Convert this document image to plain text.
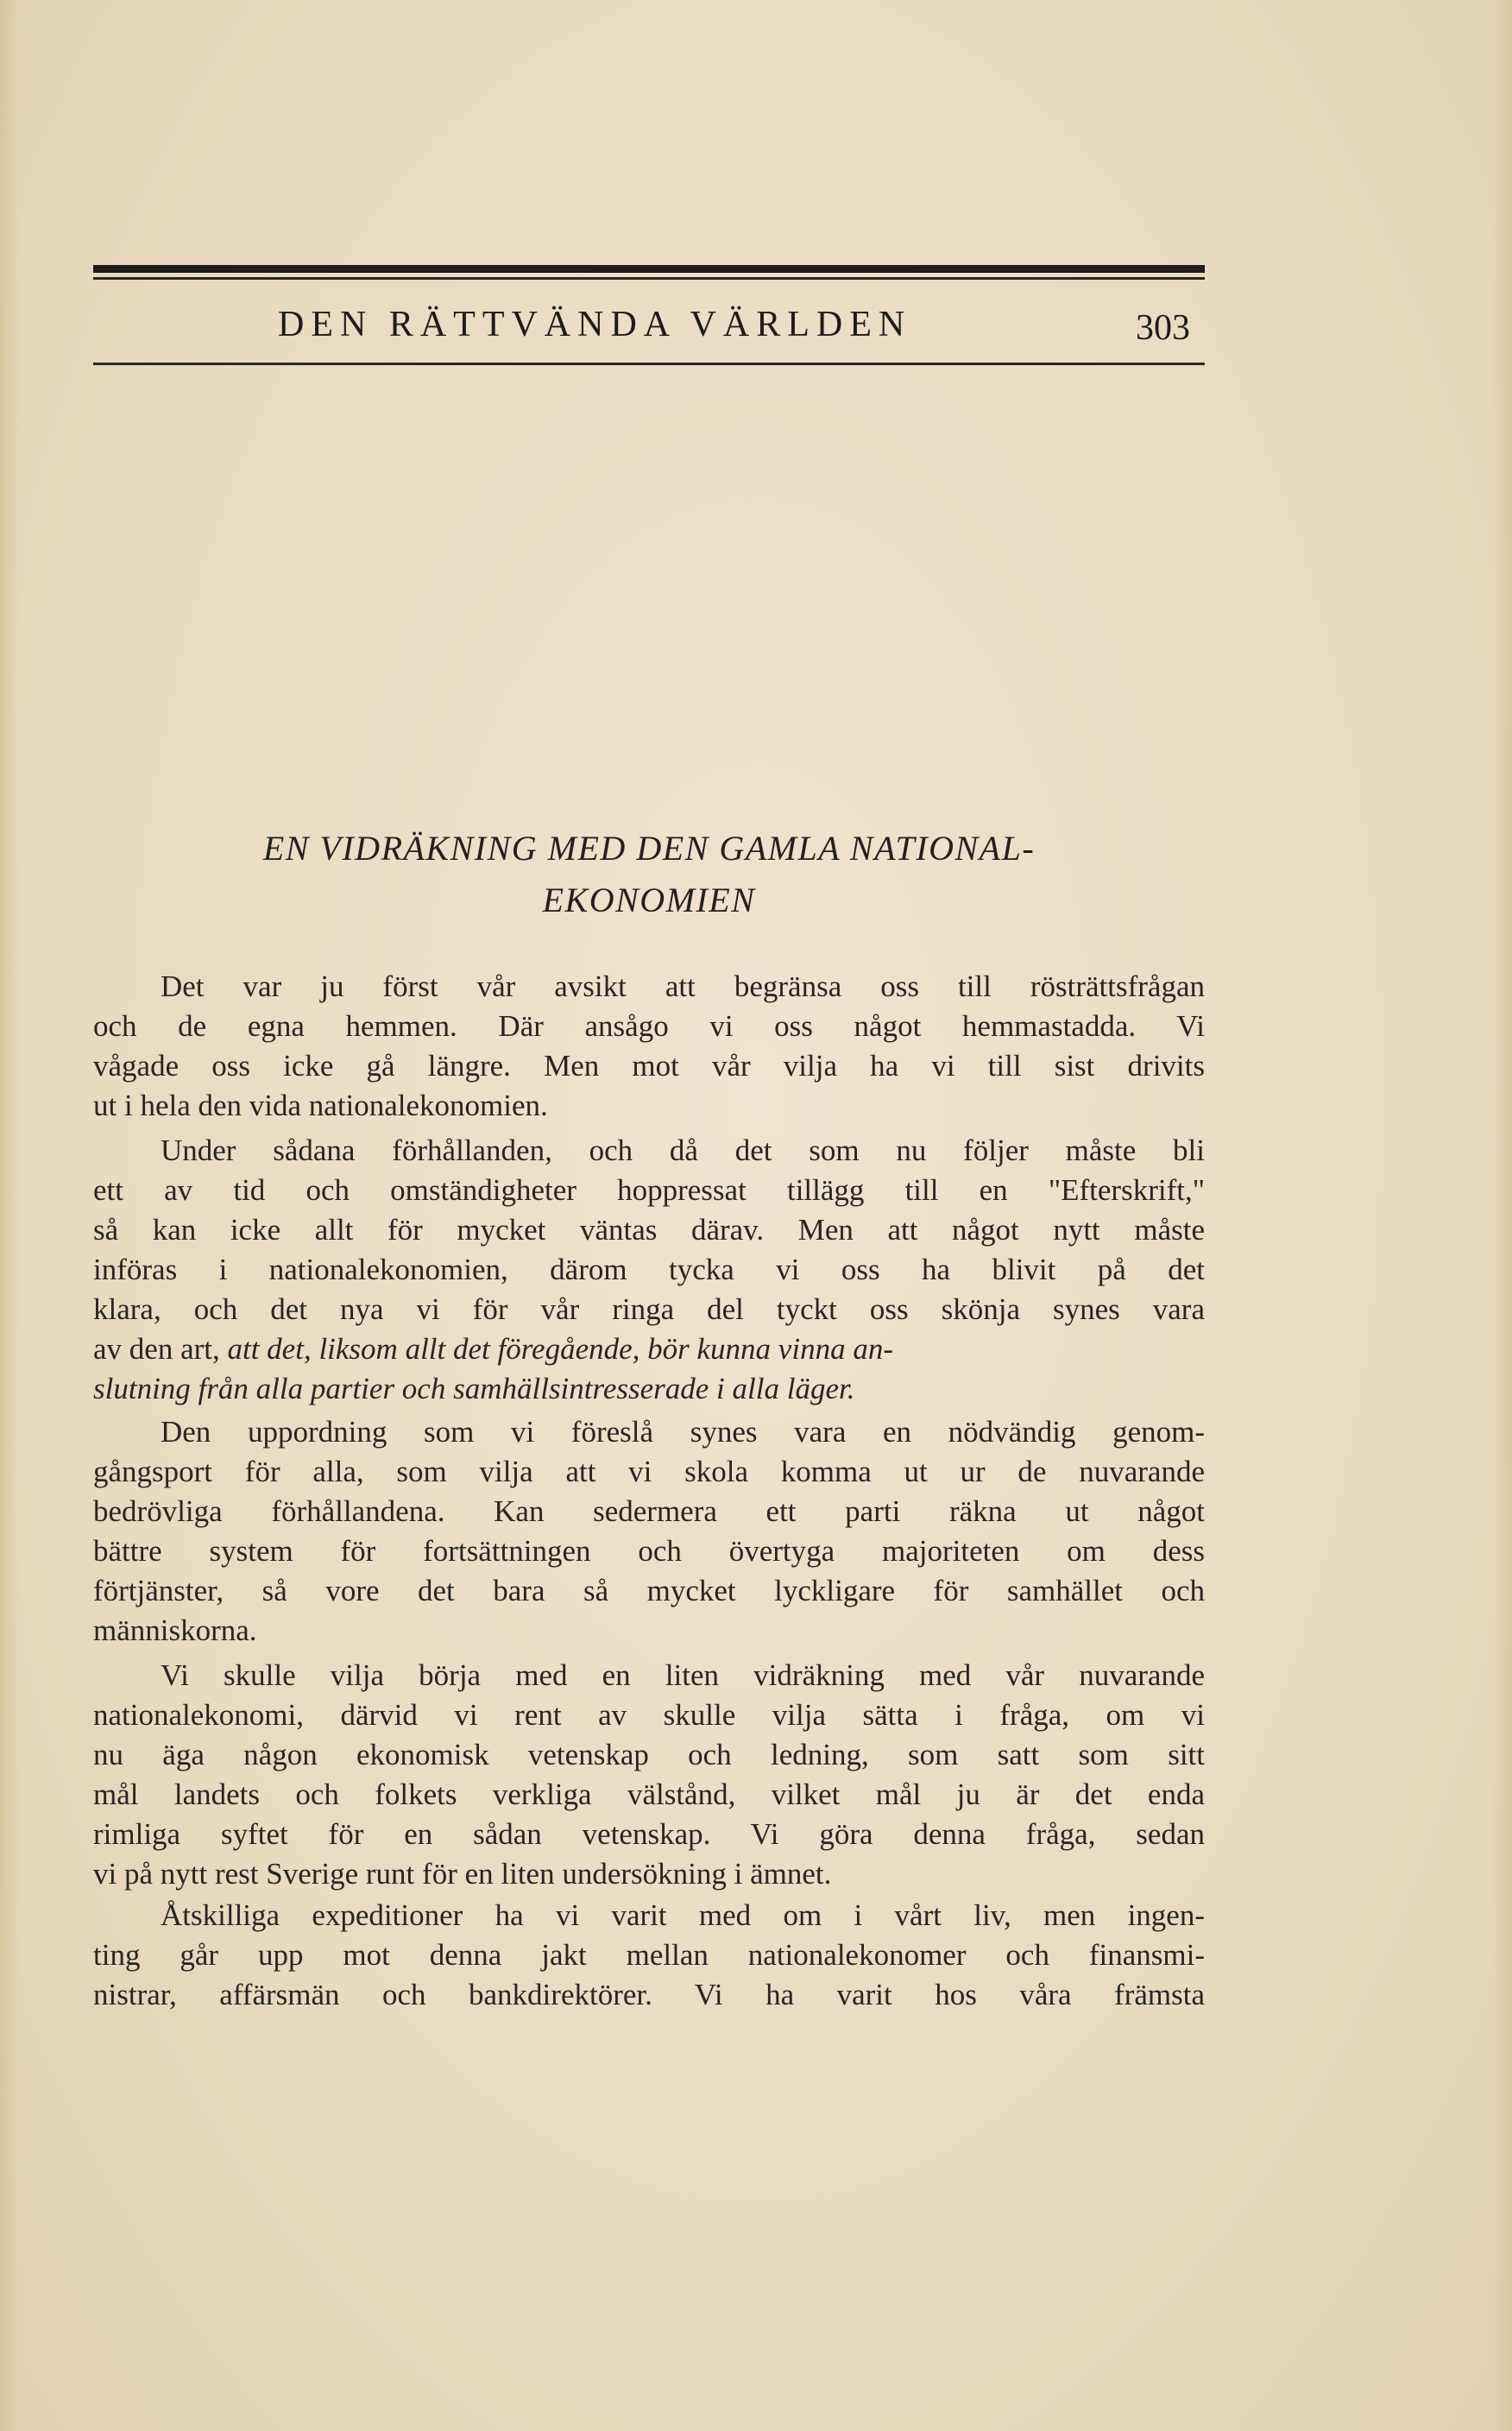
DEN RÄTTVÄNDA VÄRLDEN	303
EN VIDRÄKNING MED DEN GAMLA NATIONAL-
EKONOMIEN
Det var ju först vår avsikt att begränsa oss till rösträttsfrågan
och de egna hemmen. Där ansågo vi oss något hemmastadda. Vi
vågade oss icke gå längre. Men mot vår vilja ha vi till sist drivits
ut i hela den vida nationalekonomien.
Under sådana förhållanden, och då det som nu följer måste bli
ett av tid och omständigheter hoppressat tillägg till en "Efterskrift,"
så kan icke allt för mycket väntas därav. Men att något nytt måste
införas i nationalekonomien, därom tycka vi oss ha blivit på det
klara, och det nya vi för vår ringa del tyckt oss skönja synes vara
av den art, att det, liksom allt det föregående, bör kunna vinna an-
slutning från alla partier och samhällsintresserade i alla läger.
Den uppordning som vi föreslå synes vara en nödvändig genom-
gångsport för alla, som vilja att vi skola komma ut ur de nuvarande
bedrövliga förhållandena. Kan sedermera ett parti räkna ut något
bättre system för fortsättningen och övertyga majoriteten om dess
förtjänster, så vore det bara så mycket lyckligare för samhället och
människorna.
Vi skulle vilja börja med en liten vidräkning med vår nuvarande
nationalekonomi, därvid vi rent av skulle vilja sätta i fråga, om vi
nu äga någon ekonomisk vetenskap och ledning, som satt som sitt
mål landets och folkets verkliga välstånd, vilket mål ju är det enda
rimliga syftet för en sådan vetenskap. Vi göra denna fråga, sedan
vi på nytt rest Sverige runt för en liten undersökning i ämnet.
Åtskilliga expeditioner ha vi varit med om i vårt liv, men ingen-
ting går upp mot denna jakt mellan nationalekonomer och finansmi-
nistrar, affärsmän och bankdirektörer. Vi ha varit hos våra främsta
